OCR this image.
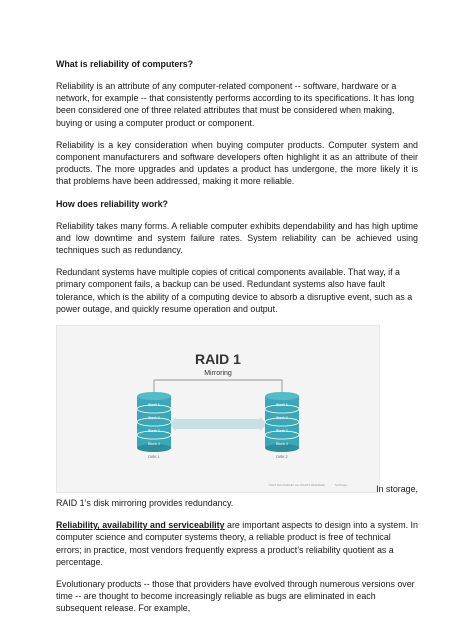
What is reliability of computers?

Reliability is an attribute of any computer-related component -- software, hardware or a network, for example -- that consistently performs according to its specifications. It has long been considered one of three related attributes that must be considered when making, buying or using a computer product or component.

Reliability is a key consideration when buying computer products. Computer system and component manufacturers and software developers often highlight it as an attribute of their products. The more upgrades and updates a product has undergone, the more likely it is that problems have been addressed, making it more reliable.

How does reliability work?

Reliability takes many forms. A reliable computer exhibits dependability and has high uptime and low downtime and system failure rates. System reliability can be achieved using techniques such as redundancy.

Redundant systems have multiple copies of critical components available. That way, if a primary component fails, a backup can be used. Redundant systems also have fault tolerance, which is the ability of a computing device to absorb a disruptive event, such as a power outage, and quickly resume operation and output.

RAID 1
Mirroring
Block 1
Block 2
Block 3
Block 4
DISK 1
Block 1
Block 2
Block 3
Block 4
DISK 2
©2023 TECHTARGET. ALL RIGHTS RESERVED	TechTarget	In storage,

RAID 1’s disk mirroring provides redundancy.

Reliability, availability and serviceability are important aspects to design into a system. In computer science and computer systems theory, a reliable product is free of technical errors; in practice, most vendors frequently express a product’s reliability quotient as a percentage.

Evolutionary products -- those that providers have evolved through numerous versions over time -- are thought to become increasingly reliable as bugs are eliminated in each subsequent release. For example,
